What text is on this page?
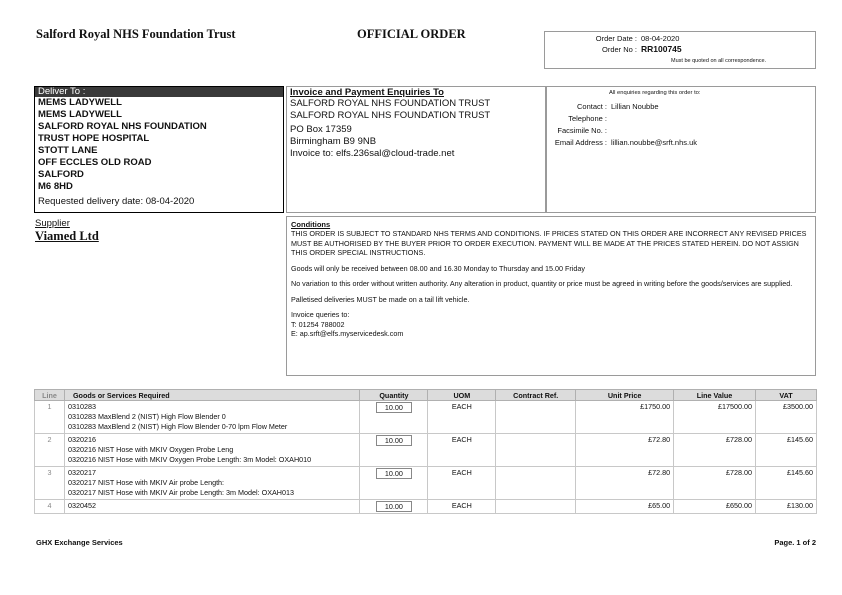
Salford Royal NHS Foundation Trust	OFFICIAL ORDER	Order Date : 08-04-2020
Order No : RR100745
Must be quoted on all correspondence.
Deliver To :
MEMS LADYWELL
MEMS LADYWELL
SALFORD ROYAL NHS FOUNDATION
TRUST HOPE HOSPITAL
STOTT LANE
OFF ECCLES OLD ROAD
SALFORD
M6 8HD
Requested delivery date: 08-04-2020
Invoice and Payment Enquiries To
SALFORD ROYAL NHS FOUNDATION TRUST
SALFORD ROYAL NHS FOUNDATION TRUST
PO Box 17359
Birmingham B9 9NB
Invoice to: elfs.236sal@cloud-trade.net
All enquiries regarding this order to:
Contact : Lillian Noubbe
Telephone :
Facsimile No. :
Email Address : lillian.noubbe@srft.nhs.uk
Supplier
Viamed Ltd
Conditions

THIS ORDER IS SUBJECT TO STANDARD NHS TERMS AND CONDITIONS. IF PRICES STATED ON THIS ORDER ARE INCORRECT ANY REVISED PRICES MUST BE AUTHORISED BY THE BUYER PRIOR TO ORDER EXECUTION. PAYMENT WILL BE MADE AT THE PRICES STATED HEREIN. DO NOT ASSIGN THIS ORDER SPECIAL INSTRUCTIONS.

Goods will only be received between 08.00 and 16.30 Monday to Thursday and 15.00 Friday

No variation to this order without written authority. Any alteration in product, quantity or price must be agreed in writing before the goods/services are supplied.

Palletised deliveries MUST be made on a tail lift vehicle.

Invoice queries to:
T: 01254 788002
E: ap.srft@elfs.myservicedesk.com

Line	Goods or Services Required	Quantity	UOM	Contract Ref.	Unit Price	Line Value	VAT
1	0310283
0310283 MaxBlend 2 (NIST) High Flow Blender 0
0310283 MaxBlend 2 (NIST) High Flow Blender 0-70 lpm Flow Meter	10.00	EACH		£1750.00	£17500.00	£3500.00
2	0320216
0320216 NIST Hose with MKIV Oxygen Probe Leng
0320216 NIST Hose with MKIV Oxygen Probe Length: 3m Model: OXAH010	10.00	EACH		£72.80	£728.00	£145.60
3	0320217
0320217 NIST Hose with MKIV Air probe Length:
0320217 NIST Hose with MKIV Air probe Length: 3m Model: OXAH013	10.00	EACH		£72.80	£728.00	£145.60
4	0320452	10.00	EACH		£65.00	£650.00	£130.00
GHX Exchange Services	Page. 1 of 2
